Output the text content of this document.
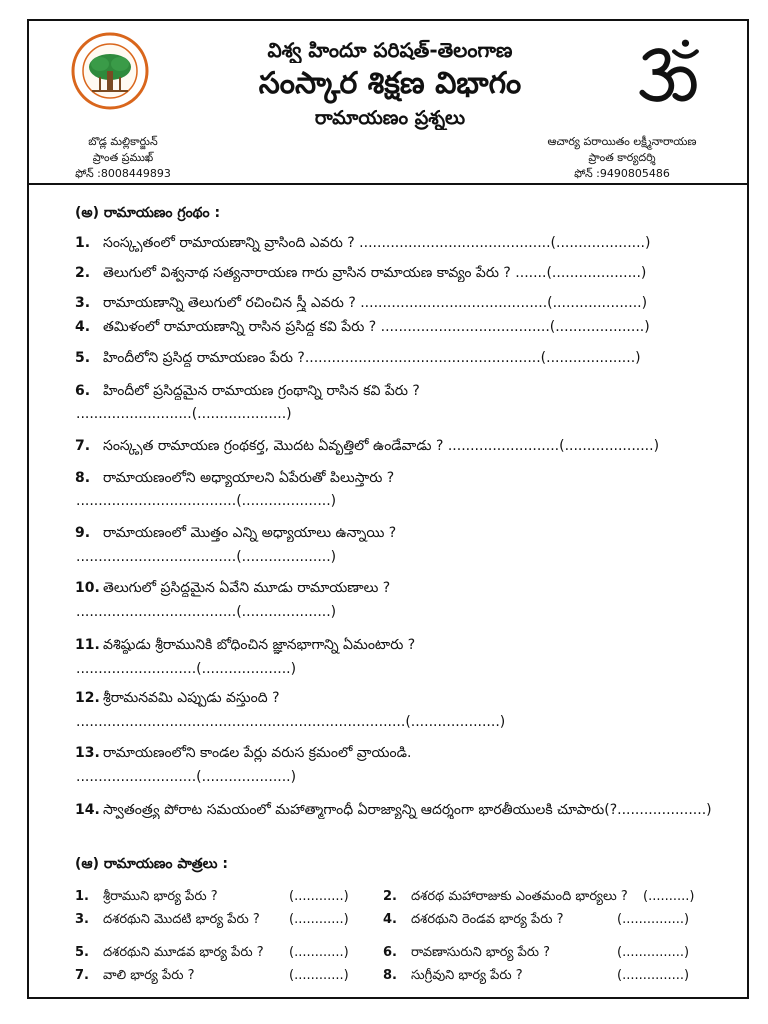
విశ్వ హిందూ పరిషత్-తెలంగాణ
సంస్కార శిక్షణ విభాగం
రామాయణం ప్రశ్నలు
బొడ్ల మల్లికార్జున్
ప్రాంత ప్రముఖ్
ఫోన్ :8008449893
ఆచార్య పరాయితం లక్ష్మీనారాయణ
ప్రాంత కార్యదర్శి
ఫోన్ :9490805486
(అ) రామాయణం గ్రంథం :
1. సంస్కృతంలో రామాయణాన్ని వ్రాసింది ఎవరు ? ...........................................(....................)
2. తెలుగులో విశ్వనాథ సత్యనారాయణ గారు వ్రాసిన రామాయణ కావ్యం పేరు ? .......(....................)
3. రామాయణాన్ని తెలుగులో రచించిన స్త్రీ ఎవరు ? ..........................................(....................)
4. తమిళంలో రామాయణాన్ని రాసిన ప్రసిద్ధ కవి పేరు ? ......................................(....................)
5. హిందీలోని ప్రసిద్ధ రామాయణం పేరు ?.....................................................(....................)
6. హిందీలో ప్రసిద్ధమైన రామాయణ గ్రంథాన్ని రాసిన కవి పేరు ?
..........................(....................)
7. సంస్కృత రామాయణ గ్రంథకర్త, మొదట ఏవృత్తిలో ఉండేవాడు ? .........................(....................)
8. రామాయణంలోని అధ్యాయాలని ఏపేరుతో పిలుస్తారు ?
....................................(....................)
9. రామాయణంలో మొత్తం ఎన్ని అధ్యాయాలు ఉన్నాయి ?
....................................(....................)
10. తెలుగులో ప్రసిద్ధమైన ఏవేని మూడు రామాయణాలు ?
....................................(....................)
11. వశిష్ఠుడు శ్రీరామునికి బోధించిన జ్ఞానభాగాన్ని ఏమంటారు ?
...........................(....................)
12. శ్రీరామనవమి ఎప్పుడు వస్తుంది ?
..........................................................................(....................)
13. రామాయణంలోని కాండల పేర్లు వరుస క్రమంలో వ్రాయండి.
...........................(....................)
14. స్వాతంత్ర్య పోరాట సమయంలో మహాత్మాగాంధీ ఏరాజ్యాన్ని ఆదర్శంగా భారతీయులకి చూపారు(?....................)
(ఆ) రామాయణం పాత్రలు :
1.	శ్రీరాముని భార్య పేరు ?	(............)	2.	దశరథ మహారాజుకు ఎంతమంది భార్యలు ?	(..........)
3.	దశరథుని మొదటి భార్య పేరు ?	(............)	4.	దశరథుని రెండవ భార్య పేరు ?	(...............)
5.	దశరథుని మూడవ భార్య పేరు ?	(............)	6.	రావణాసురుని భార్య పేరు ?	(...............)
7.	వాలి భార్య పేరు ?	(............)	8.	సుగ్రీవుని భార్య పేరు ?	(...............)
